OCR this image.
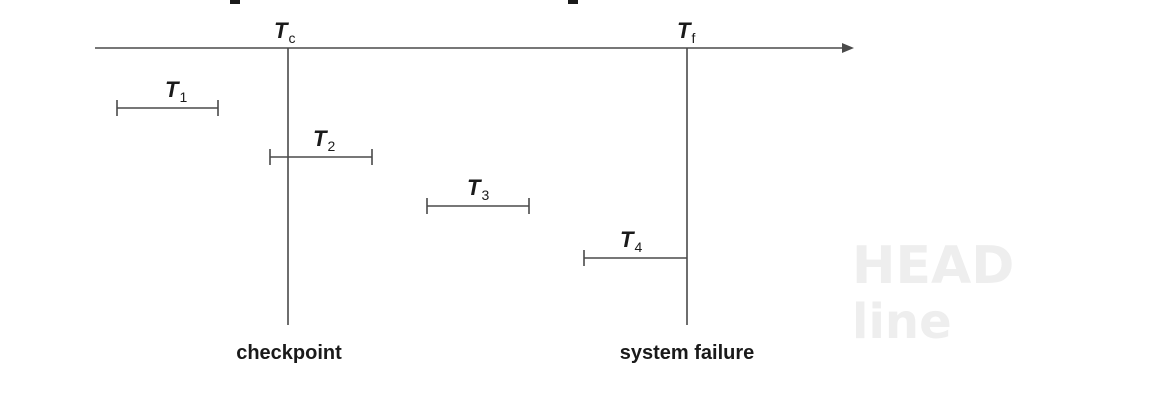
HEAD
line
Tc	Tf
T1
T2
T3
T4
checkpoint	system failure
